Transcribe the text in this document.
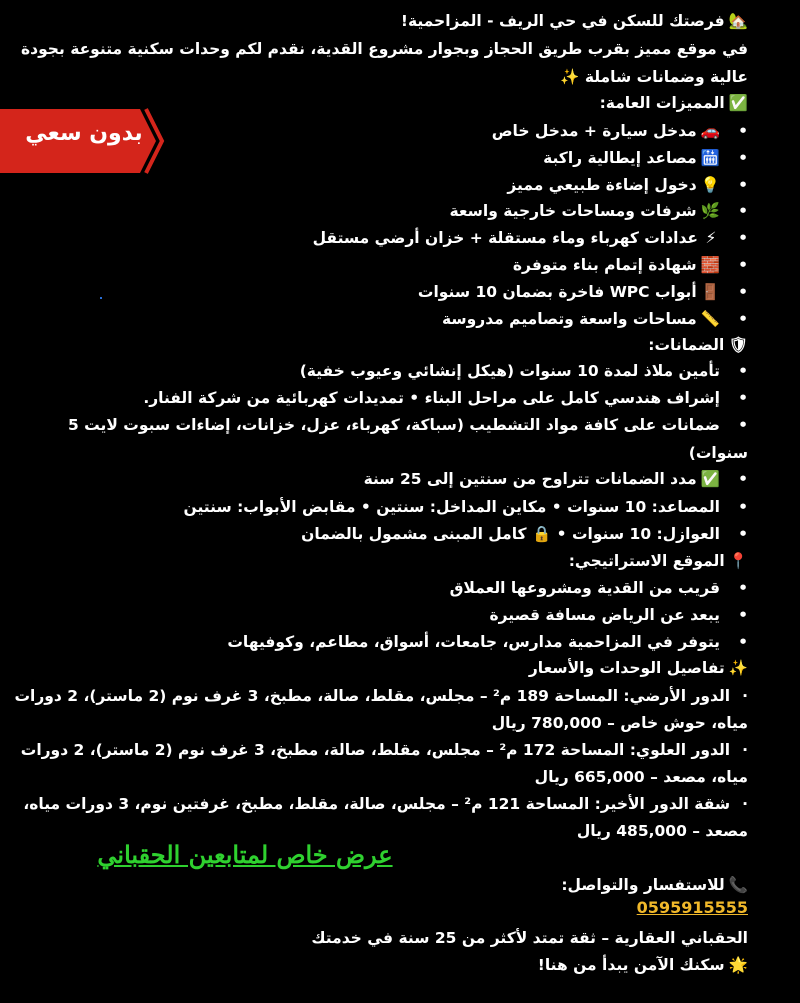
🏡فرصتك للسكن في حي الريف - المزاحمية!
في موقع مميز بقرب طريق الحجاز وبجوار مشروع القدية، نقدم لكم وحدات سكنية متنوعة بجودة
عالية وضمانات شاملة ✨
بدون سعي
✅المميزات العامة:
• 🚗مدخل سيارة + مدخل خاص
• 🛗مصاعد إيطالية راكبة
• 💡دخول إضاءة طبيعي مميز
• 🌿شرفات ومساحات خارجية واسعة
• ⚡عدادات كهرباء وماء مستقلة + خزان أرضي مستقل
• 🧱شهادة إتمام بناء متوفرة
• 🚪أبواب WPC فاخرة بضمان 10 سنوات
• 📏مساحات واسعة وتصاميم مدروسة
🛡الضمانات:
• تأمين ملاذ لمدة 10 سنوات (هيكل إنشائي وعيوب خفية)
• إشراف هندسي كامل على مراحل البناء • تمديدات كهربائية من شركة الفنار.
• ضمانات على كافة مواد التشطيب (سباكة، كهرباء، عزل، خزانات، إضاءات سبوت لايت 5
سنوات)
• ✅مدد الضمانات تتراوح من سنتين إلى 25 سنة
• المصاعد: 10 سنوات • مكاين المداخل: سنتين • مقابض الأبواب: سنتين
• العوازل: 10 سنوات • 🔒 كامل المبنى مشمول بالضمان
📍الموقع الاستراتيجي:
• قريب من القدية ومشروعها العملاق
• يبعد عن الرياض مسافة قصيرة
• يتوفر في المزاحمية مدارس، جامعات، أسواق، مطاعم، وكوفيهات
✨تفاصيل الوحدات والأسعار
·الدور الأرضي: المساحة 189 م² – مجلس، مقلط، صالة، مطبخ، 3 غرف نوم (2 ماستر)، 2 دورات
مياه، حوش خاص – 780,000 ريال
·الدور العلوي: المساحة 172 م² – مجلس، مقلط، صالة، مطبخ، 3 غرف نوم (2 ماستر)، 2 دورات
مياه، مصعد – 665,000 ريال
·شقة الدور الأخير: المساحة 121 م² – مجلس، صالة، مقلط، مطبخ، غرفتين نوم، 3 دورات مياه،
مصعد – 485,000 ريال
عرض خاص لمتابعين الحقباني
📞للاستفسار والتواصل:
0595915555
الحقباني العقارية – ثقة تمتد لأكثر من 25 سنة في خدمتك
🌟سكنك الآمن يبدأ من هنا!
